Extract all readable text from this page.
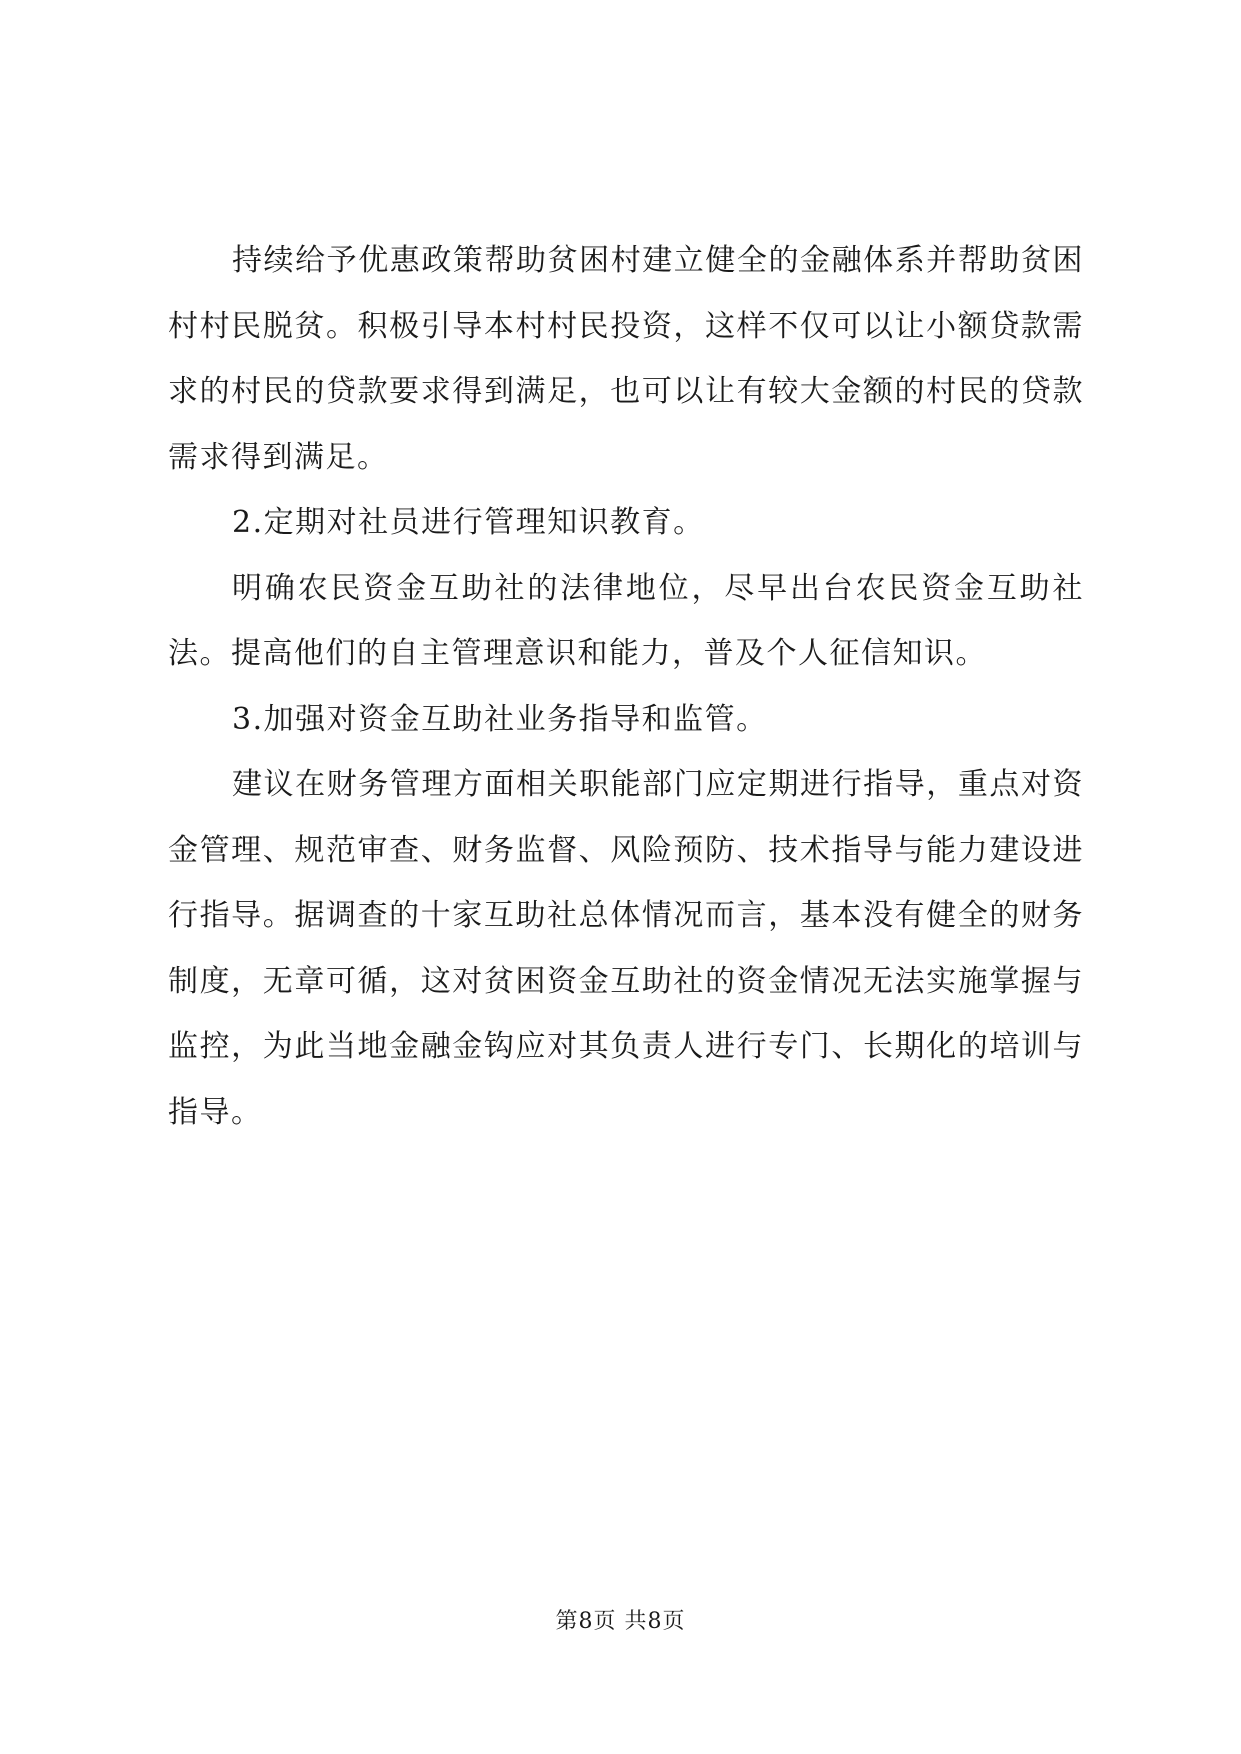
持续给予优惠政策帮助贫困村建立健全的金融体系并帮助贫困村村民脱贫。积极引导本村村民投资，这样不仅可以让小额贷款需求的村民的贷款要求得到满足，也可以让有较大金额的村民的贷款需求得到满足。

2.定期对社员进行管理知识教育。

明确农民资金互助社的法律地位，尽早出台农民资金互助社法。提高他们的自主管理意识和能力，普及个人征信知识。

3.加强对资金互助社业务指导和监管。

建议在财务管理方面相关职能部门应定期进行指导，重点对资金管理、规范审查、财务监督、风险预防、技术指导与能力建设进行指导。据调查的十家互助社总体情况而言，基本没有健全的财务制度，无章可循，这对贫困资金互助社的资金情况无法实施掌握与监控，为此当地金融金钩应对其负责人进行专门、长期化的培训与指导。

第8页 共8页
